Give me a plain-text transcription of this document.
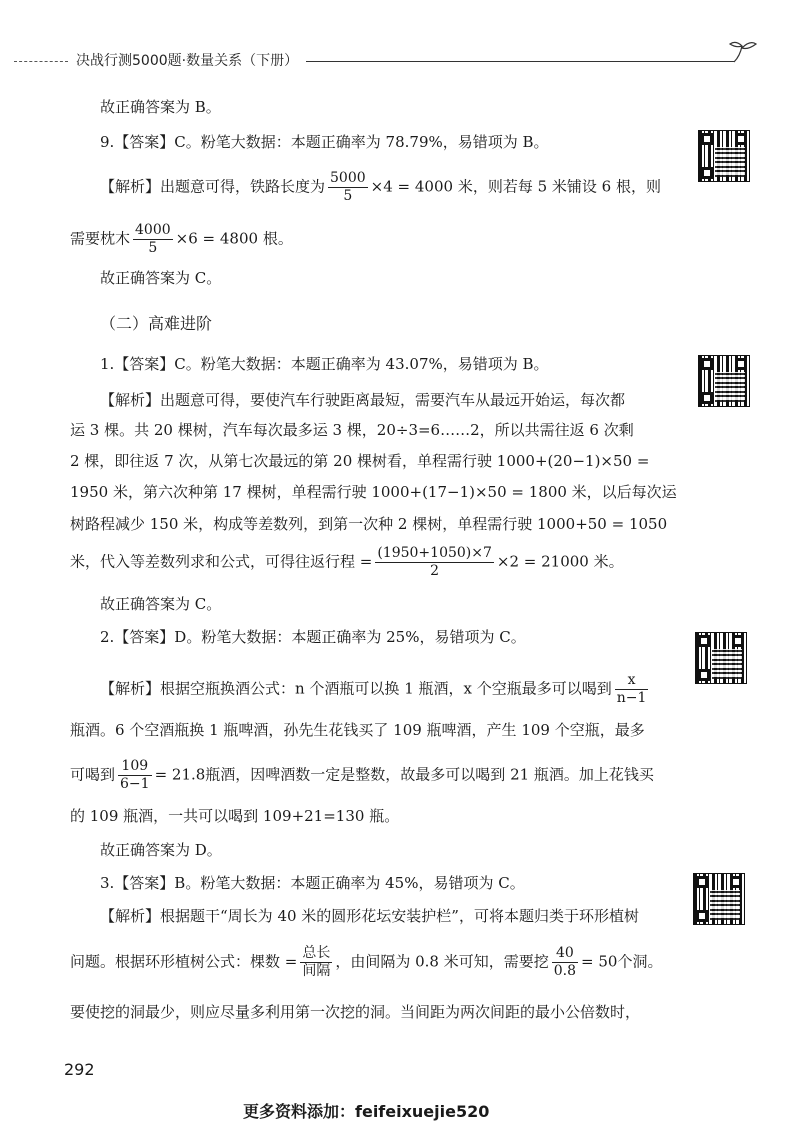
决战行测5000题·数量关系（下册）
故正确答案为 B。
9.【答案】C。粉笔大数据：本题正确率为 78.79%，易错项为 B。
【解析】出题意可得，铁路长度为 $\frac{5000}{5} \times 4 = 4000$ 米，则若每 5 米铺设 6 根，则
需要枕木 $\frac{4000}{5} \times 6 = 4800$ 根。
故正确答案为 C。
（二）高难进阶
1.【答案】C。粉笔大数据：本题正确率为 43.07%，易错项为 B。
【解析】出题意可得，要使汽车行驶距离最短，需要汽车从最远开始运，每次都
运 3 棵。共 20 棵树，汽车每次最多运 3 棵，20÷3=6……2，所以共需往返 6 次剩
2 棵，即往返 7 次，从第七次最远的第 20 棵树看，单程需行驶 1000+(20−1)×50 =
1950 米，第六次种第 17 棵树，单程需行驶 1000+(17−1)×50 = 1800 米，以后每次运
树路程减少 150 米，构成等差数列，到第一次种 2 棵树，单程需行驶 1000+50 = 1050
米，代入等差数列求和公式，可得往返行程 = $\frac{(1950+1050)\times 7}{2} \times 2 = 21000$ 米。
故正确答案为 C。
2.【答案】D。粉笔大数据：本题正确率为 25%，易错项为 C。
【解析】根据空瓶换酒公式：n 个酒瓶可以换 1 瓶酒，x 个空瓶最多可以喝到 $\frac{x}{n-1}$
瓶酒。6 个空酒瓶换 1 瓶啤酒，孙先生花钱买了 109 瓶啤酒，产生 109 个空瓶，最多
可喝到 $\frac{109}{6-1} = 21.8$瓶酒，因啤酒数一定是整数，故最多可以喝到 21 瓶酒。加上花钱买
的 109 瓶酒，一共可以喝到 109+21=130 瓶。
故正确答案为 D。
3.【答案】B。粉笔大数据：本题正确率为 45%，易错项为 C。
【解析】根据题干“周长为 40 米的圆形花坛安装护栏”，可将本题归类于环形植树
问题。根据环形植树公式：棵数 = $\frac{\text{总长}}{\text{间隔}}$ ，由间隔为 0.8 米可知，需要挖 $\frac{40}{0.8} = 50$个洞。
要使挖的洞最少，则应尽量多利用第一次挖的洞。当间距为两次间距的最小公倍数时，
292
更多资料添加：feifeixuejie520
